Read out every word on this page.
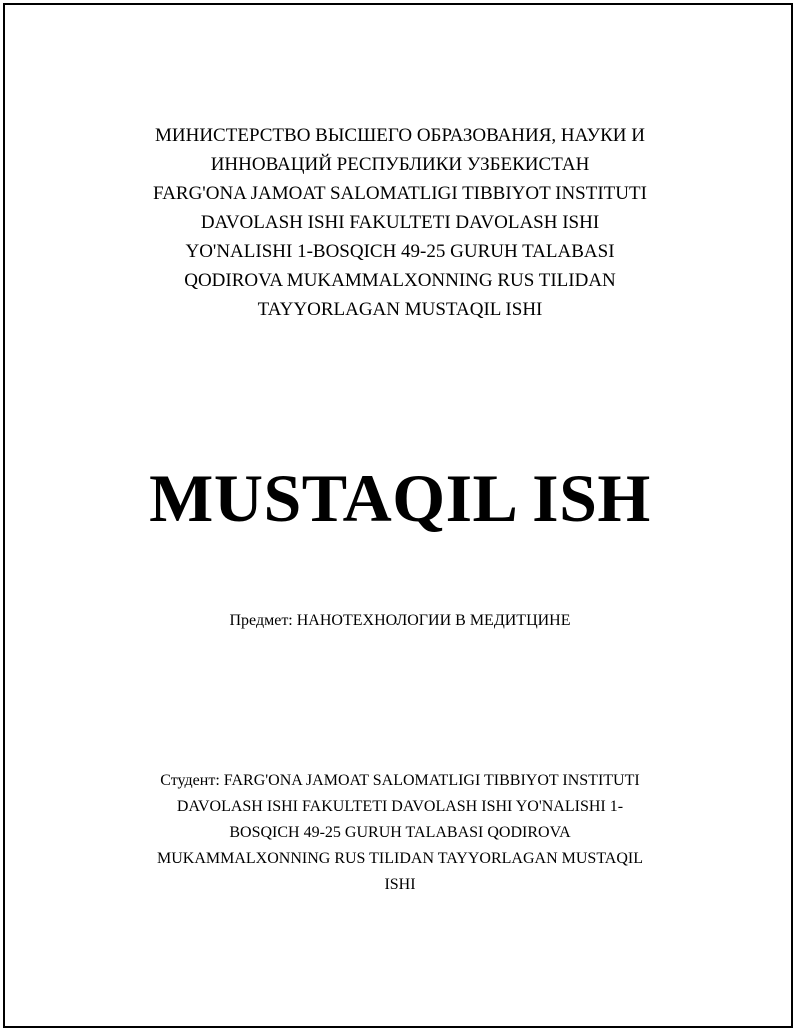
МИНИСТЕРСТВО ВЫСШЕГО ОБРАЗОВАНИЯ, НАУКИ И
ИННОВАЦИЙ РЕСПУБЛИКИ УЗБЕКИСТАН
FARG'ONA JAMOAT SALOMATLIGI TIBBIYOT INSTITUTI
DAVOLASH ISHI FAKULTETI DAVOLASH ISHI
YO'NALISHI 1-BOSQICH 49-25 GURUH TALABASI
QODIROVA MUKAMMALXONNING RUS TILIDAN
TAYYORLAGAN MUSTAQIL ISHI
MUSTAQIL ISH
Предмет: НАНОТЕХНОЛОГИИ В МЕДИТЦИНЕ
Студент: FARG'ONA JAMOAT SALOMATLIGI TIBBIYOT INSTITUTI
DAVOLASH ISHI FAKULTETI DAVOLASH ISHI YO'NALISHI 1-
BOSQICH 49-25 GURUH TALABASI QODIROVA
MUKAMMALXONNING RUS TILIDAN TAYYORLAGAN MUSTAQIL
ISHI
